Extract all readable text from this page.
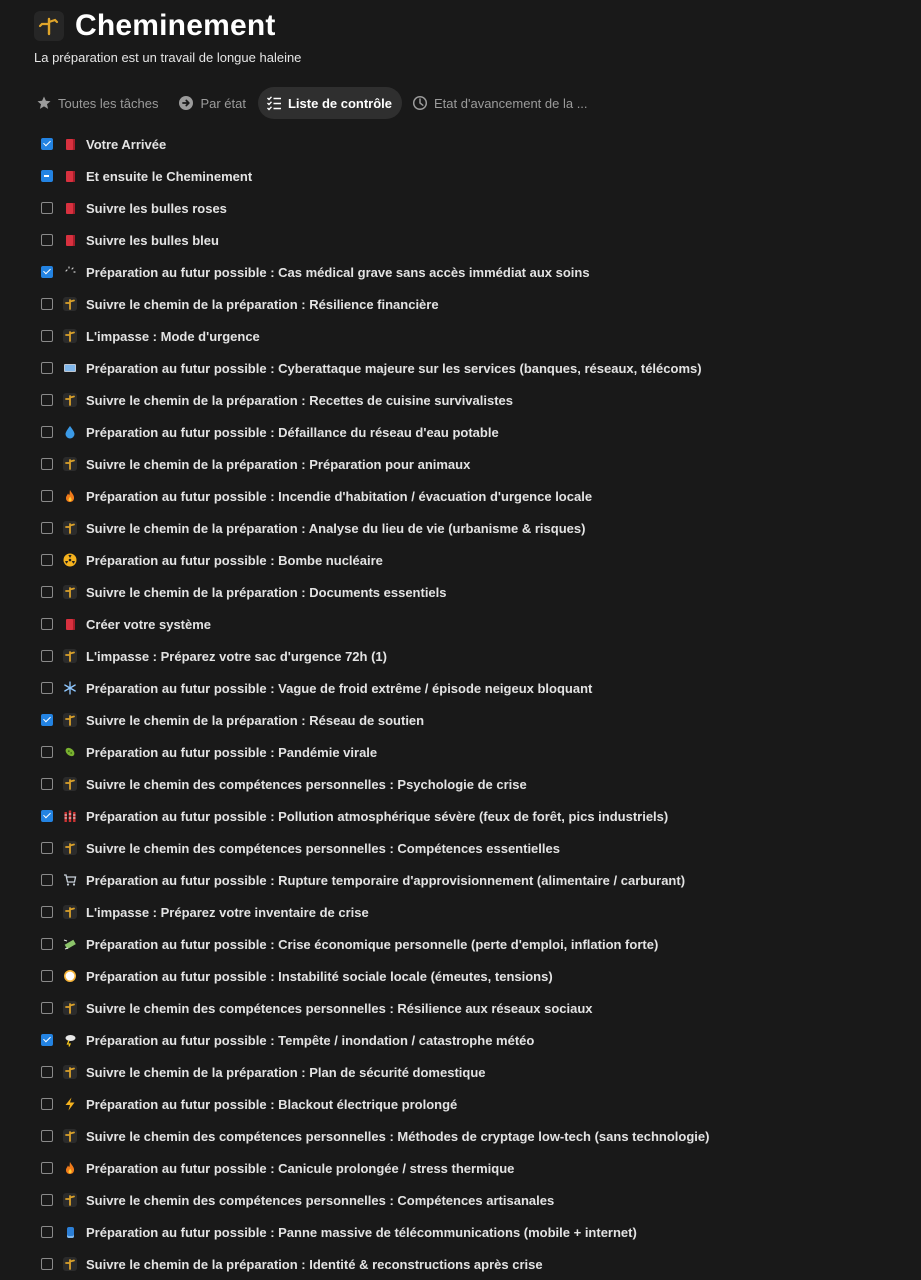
Cheminement
La préparation est un travail de longue haleine
Toutes les tâches	Par état	Liste de contrôle	Etat d'avancement de la ...
Votre Arrivée
Et ensuite le Cheminement
Suivre les bulles roses
Suivre les bulles bleu
Préparation au futur possible : Cas médical grave sans accès immédiat aux soins
Suivre le chemin de la préparation : Résilience financière
L'impasse : Mode d'urgence
Préparation au futur possible : Cyberattaque majeure sur les services (banques, réseaux, télécoms)
Suivre le chemin de la préparation : Recettes de cuisine survivalistes
Préparation au futur possible : Défaillance du réseau d'eau potable
Suivre le chemin de la préparation : Préparation pour animaux
Préparation au futur possible : Incendie d'habitation / évacuation d'urgence locale
Suivre le chemin de la préparation : Analyse du lieu de vie (urbanisme & risques)
Préparation au futur possible : Bombe nucléaire
Suivre le chemin de la préparation : Documents essentiels
Créer votre système
L'impasse : Préparez votre sac d'urgence 72h (1)
Préparation au futur possible : Vague de froid extrême / épisode neigeux bloquant
Suivre le chemin de la préparation : Réseau de soutien
Préparation au futur possible : Pandémie virale
Suivre le chemin des compétences personnelles : Psychologie de crise
Préparation au futur possible : Pollution atmosphérique sévère (feux de forêt, pics industriels)
Suivre le chemin des compétences personnelles : Compétences essentielles
Préparation au futur possible : Rupture temporaire d'approvisionnement (alimentaire / carburant)
L'impasse : Préparez votre inventaire de crise
Préparation au futur possible : Crise économique personnelle (perte d'emploi, inflation forte)
Préparation au futur possible : Instabilité sociale locale (émeutes, tensions)
Suivre le chemin des compétences personnelles : Résilience aux réseaux sociaux
Préparation au futur possible : Tempête / inondation / catastrophe météo
Suivre le chemin de la préparation : Plan de sécurité domestique
Préparation au futur possible : Blackout électrique prolongé
Suivre le chemin des compétences personnelles : Méthodes de cryptage low-tech (sans technologie)
Préparation au futur possible : Canicule prolongée / stress thermique
Suivre le chemin des compétences personnelles : Compétences artisanales
Préparation au futur possible : Panne massive de télécommunications (mobile + internet)
Suivre le chemin de la préparation : Identité & reconstructions après crise
